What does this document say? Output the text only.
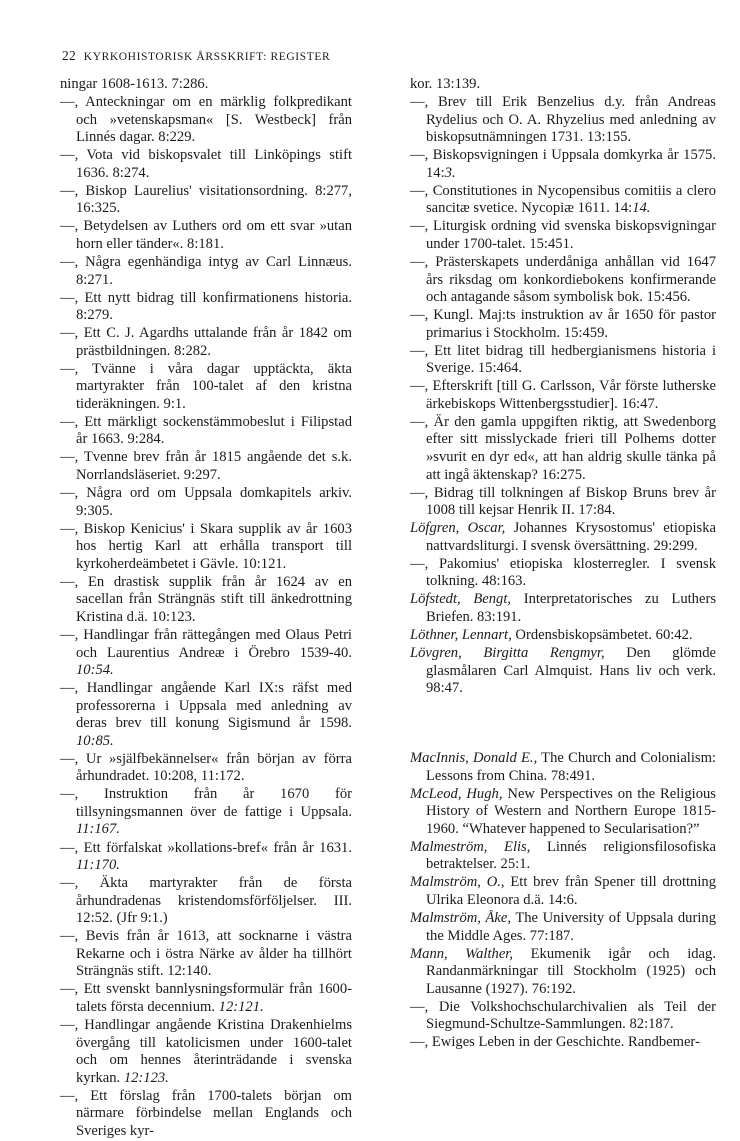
22 KYRKOHISTORISK ÅRSSKRIFT: REGISTER

ningar 1608-1613. 7:286.

—, Anteckningar om en märklig folkpredikant och »vetenskapsman« [S. Westbeck] från Linnés dagar. 8:229.

—, Vota vid biskopsvalet till Linköpings stift 1636. 8:274.

—, Biskop Laurelius' visitationsordning. 8:277, 16:325.

—, Betydelsen av Luthers ord om ett svar »utan horn eller tänder«. 8:181.

—, Några egenhändiga intyg av Carl Linnæus. 8:271.

—, Ett nytt bidrag till konfirmationens historia. 8:279.

—, Ett C. J. Agardhs uttalande från år 1842 om prästbildningen. 8:282.

—, Tvänne i våra dagar upptäckta, äkta martyrakter från 100-talet af den kristna tideräkningen. 9:1.

—, Ett märkligt sockenstämmobeslut i Filipstad år 1663. 9:284.

—, Tvenne brev från år 1815 angående det s.k. Norrlandsläseriet. 9:297.

—, Några ord om Uppsala domkapitels arkiv. 9:305.

—, Biskop Kenicius' i Skara supplik av år 1603 hos hertig Karl att erhålla transport till kyrkoherdeämbetet i Gävle. 10:121.

—, En drastisk supplik från år 1624 av en sacellan från Strängnäs stift till änkedrottning Kristina d.ä. 10:123.

—, Handlingar från rättegången med Olaus Petri och Laurentius Andreæ i Örebro 1539-40. 10:54.

—, Handlingar angående Karl IX:s räfst med professorerna i Uppsala med anledning av deras brev till konung Sigismund år 1598. 10:85.

—, Ur »själfbekännelser« från början av förra århundradet. 10:208, 11:172.

—, Instruktion från år 1670 för tillsyningsmannen över de fattige i Uppsala. 11:167.

—, Ett förfalskat »kollations-bref« från år 1631. 11:170.

—, Äkta martyrakter från de första århundradenas kristendomsförföljelser. III. 12:52. (Jfr 9:1.)

—, Bevis från år 1613, att socknarne i västra Rekarne och i östra Närke av ålder ha tillhört Strängnäs stift. 12:140.

—, Ett svenskt bannlysningsformulär från 1600-talets första decennium. 12:121.

—, Handlingar angående Kristina Drakenhielms övergång till katolicismen under 1600-talet och om hennes återinträdande i svenska kyrkan. 12:123.

—, Ett förslag från 1700-talets början om närmare förbindelse mellan Englands och Sveriges kyr-

kor. 13:139.

—, Brev till Erik Benzelius d.y. från Andreas Rydelius och O. A. Rhyzelius med anledning av biskopsutnämningen 1731. 13:155.

—, Biskopsvigningen i Uppsala domkyrka år 1575. 14:3.

—, Constitutiones in Nycopensibus comitiis a clero sancitæ svetice. Nycopiæ 1611. 14:14.

—, Liturgisk ordning vid svenska biskopsvigningar under 1700-talet. 15:451.

—, Prästerskapets underdåniga anhållan vid 1647 års riksdag om konkordiebokens konfirmerande och antagande såsom symbolisk bok. 15:456.

—, Kungl. Maj:ts instruktion av år 1650 för pastor primarius i Stockholm. 15:459.

—, Ett litet bidrag till hedbergianismens historia i Sverige. 15:464.

—, Efterskrift [till G. Carlsson, Vår förste lutherske ärkebiskops Wittenbergsstudier]. 16:47.

—, Är den gamla uppgiften riktig, att Swedenborg efter sitt misslyckade frieri till Polhems dotter »svurit en dyr ed«, att han aldrig skulle tänka på att ingå äktenskap? 16:275.

—, Bidrag till tolkningen af Biskop Bruns brev år 1008 till kejsar Henrik II. 17:84.

Löfgren, Oscar, Johannes Krysostomus' etiopiska nattvardsliturgi. I svensk översättning. 29:299.

—, Pakomius' etiopiska klosterregler. I svensk tolkning. 48:163.

Löfstedt, Bengt, Interpretatorisches zu Luthers Briefen. 83:191.

Löthner, Lennart, Ordensbiskopsämbetet. 60:42.

Lövgren, Birgitta Rengmyr, Den glömde glasmålaren Carl Almquist. Hans liv och verk. 98:47.

MacInnis, Donald E., The Church and Colonialism: Lessons from China. 78:491.

McLeod, Hugh, New Perspectives on the Religious History of Western and Northern Europe 1815-1960. “Whatever happened to Secularisation?”

Malmeström, Elis, Linnés religionsfilosofiska betraktelser. 25:1.

Malmström, O., Ett brev från Spener till drottning Ulrika Eleonora d.ä. 14:6.

Malmström, Åke, The University of Uppsala during the Middle Ages. 77:187.

Mann, Walther, Ekumenik igår och idag. Randanmärkningar till Stockholm (1925) och Lausanne (1927). 76:192.

—, Die Volkshochschularchivalien als Teil der Siegmund-Schultze-Sammlungen. 82:187.

—, Ewiges Leben in der Geschichte. Randbemer-
